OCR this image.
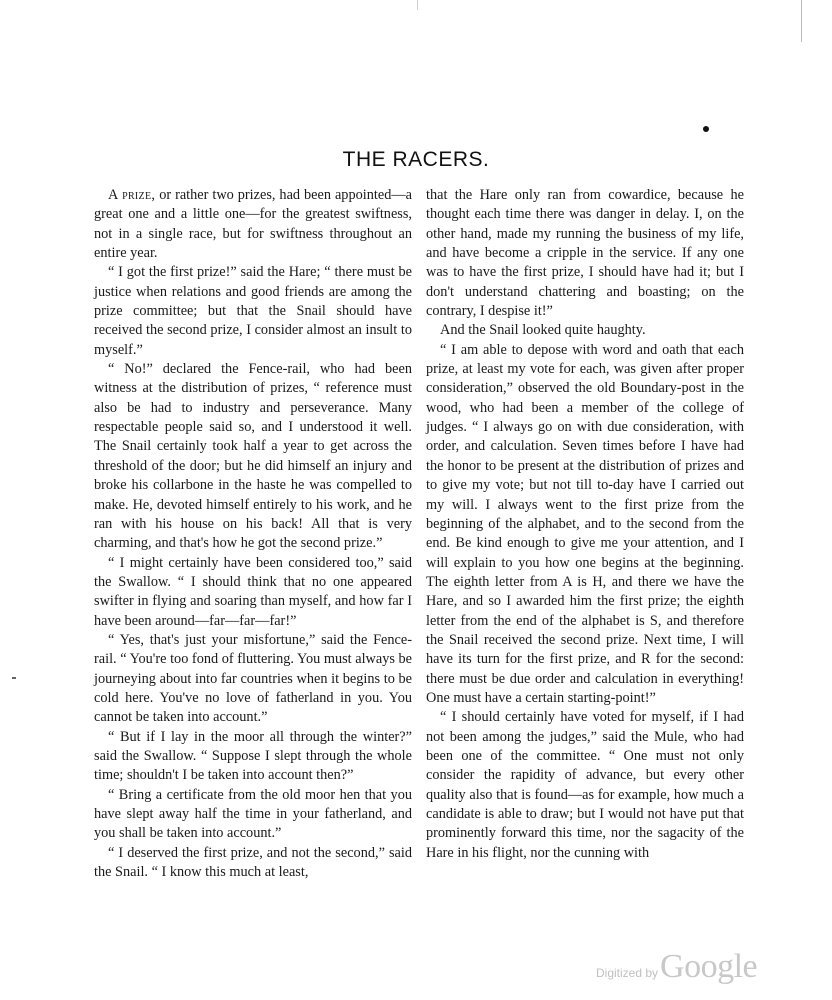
THE RACERS.

A prize, or rather two prizes, had been appointed—a great one and a little one—for the greatest swiftness, not in a single race, but for swiftness throughout an entire year.

“ I got the first prize!” said the Hare; “ there must be justice when relations and good friends are among the prize committee; but that the Snail should have received the second prize, I consider almost an insult to myself.”

“ No!” declared the Fence-rail, who had been witness at the distribution of prizes, “ reference must also be had to industry and perseverance. Many respectable people said so, and I understood it well. The Snail certainly took half a year to get across the threshold of the door; but he did himself an injury and broke his collarbone in the haste he was compelled to make. He, devoted himself entirely to his work, and he ran with his house on his back! All that is very charming, and that's how he got the second prize.”

“ I might certainly have been considered too,” said the Swallow. “ I should think that no one appeared swifter in flying and soaring than myself, and how far I have been around—far—far—far!”

“ Yes, that's just your misfortune,” said the Fence-rail. “ You're too fond of fluttering. You must always be journeying about into far countries when it begins to be cold here. You've no love of fatherland in you. You cannot be taken into account.”

“ But if I lay in the moor all through the winter?” said the Swallow. “ Suppose I slept through the whole time; shouldn't I be taken into account then?”

“ Bring a certificate from the old moor hen that you have slept away half the time in your fatherland, and you shall be taken into account.”

“ I deserved the first prize, and not the second,” said the Snail. “ I know this much at least,

that the Hare only ran from cowardice, because he thought each time there was danger in delay. I, on the other hand, made my running the business of my life, and have become a cripple in the service. If any one was to have the first prize, I should have had it; but I don't understand chattering and boasting; on the contrary, I despise it!”

And the Snail looked quite haughty.

“ I am able to depose with word and oath that each prize, at least my vote for each, was given after proper consideration,” observed the old Boundary-post in the wood, who had been a member of the college of judges. “ I always go on with due consideration, with order, and calculation. Seven times before I have had the honor to be present at the distribution of prizes and to give my vote; but not till to-day have I carried out my will. I always went to the first prize from the beginning of the alphabet, and to the second from the end. Be kind enough to give me your attention, and I will explain to you how one begins at the beginning. The eighth letter from A is H, and there we have the Hare, and so I awarded him the first prize; the eighth letter from the end of the alphabet is S, and therefore the Snail received the second prize. Next time, I will have its turn for the first prize, and R for the second: there must be due order and calculation in everything! One must have a certain starting-point!”

“ I should certainly have voted for myself, if I had not been among the judges,” said the Mule, who had been one of the committee. “ One must not only consider the rapidity of advance, but every other quality also that is found—as for example, how much a candidate is able to draw; but I would not have put that prominently forward this time, nor the sagacity of the Hare in his flight, nor the cunning with

Digitized by Google
